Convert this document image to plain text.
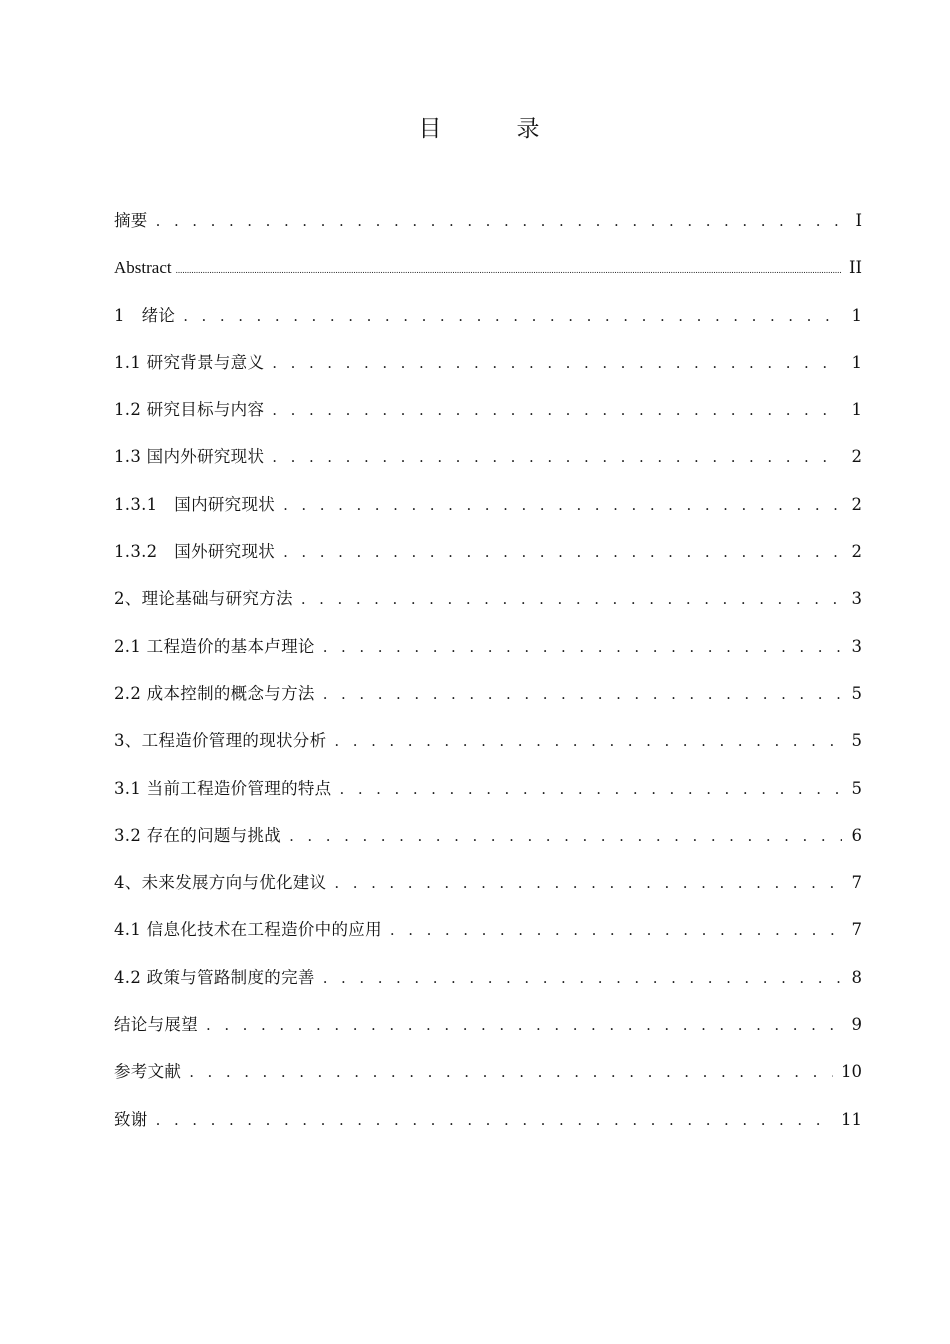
目　录
摘要 . . .	I
Abstract .....	II
1　绪论 . . .	1
1.1 研究背景与意义 . . .	1
1.2 研究目标与内容 . . .	1
1.3 国内外研究现状 . . .	2
1.3.1　国内研究现状 . . .	2
1.3.2　国外研究现状 . . .	2
2、理论基础与研究方法 . . .	3
2.1 工程造价的基本卢理论 . . .	3
2.2 成本控制的概念与方法 . . .	5
3、工程造价管理的现状分析 . . .	5
3.1 当前工程造价管理的特点 . . .	5
3.2 存在的问题与挑战 . . .	6
4、未来发展方向与优化建议 . . .	7
4.1 信息化技术在工程造价中的应用 . . .	7
4.2 政策与管路制度的完善 . . .	8
结论与展望 . . .	9
参考文献 . . .	10
致谢 . . .	11
